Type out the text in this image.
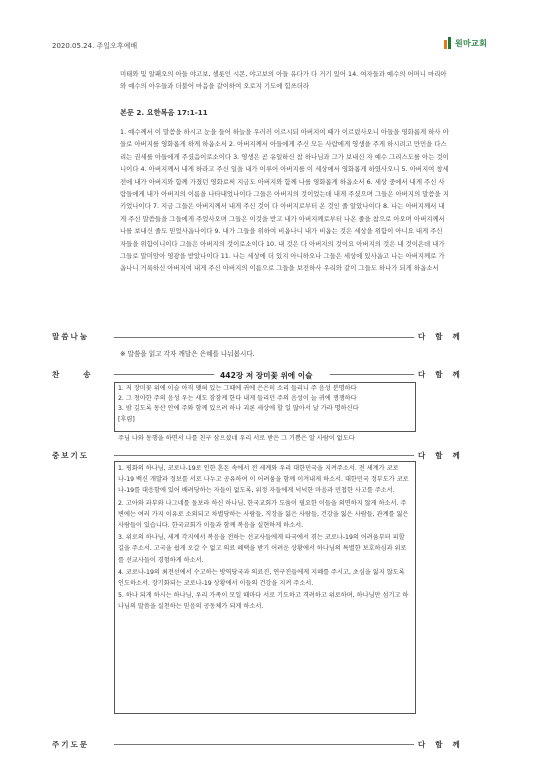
2020.05.24. 주일오후예배	원마교회
미태와 및 알패오의 아들 야고보, 셀롯인 시몬, 야고보의 아들 유다가 다 거기 있어 14. 여자들과 예수의 어머니 마리아와 예수의 아우들과 더불어 마음을 같이하여 오로지 기도에 힘쓰더라
본문 2. 요한복음 17:1-11
1. 예수께서 이 말씀을 하시고 눈을 들어 하늘을 우러러 이르시되 아버지여 때가 이르렀사오니 아들을 영화롭게 하사 아들로 아버지를 영화롭게 하게 하옵소서 2. 아버지께서 아들에게 주신 모든 사람에게 영생을 주게 하시려고 만민을 다스리는 권세를 아들에게 주셨음이로소이다 3. 영생은 곧 유일하신 참 하나님과 그가 보내신 자 예수 그리스도를 아는 것이니이다 4. 아버지께서 내게 하라고 주신 일을 내가 이루어 아버지를 이 세상에서 영화롭게 하였사오니 5. 아버지여 창세 전에 내가 아버지와 함께 가졌던 영화로써 지금도 아버지와 함께 나를 영화롭게 하옵소서 6. 세상 중에서 내게 주신 사람들에게 내가 아버지의 이름을 나타내었나이다 그들은 아버지의 것이었는데 내게 주셨으며 그들은 아버지의 말씀을 지키었나이다 7. 지금 그들은 아버지께서 내게 주신 것이 다 아버지로부터 온 것인 줄 알았나이다 8. 나는 아버지께서 내게 주신 말씀들을 그들에게 주었사오며 그들은 이것을 받고 내가 아버지께로부터 나온 줄을 참으로 아오며 아버지께서 나를 보내신 줄도 믿었사옵나이다 9. 내가 그들을 위하여 비옵나니 내가 비옵는 것은 세상을 위함이 아니요 내게 주신 자들을 위함이니이다 그들은 아버지의 것이로소이다 10. 내 것은 다 아버지의 것이요 아버지의 것은 내 것이온데 내가 그들로 말미암아 영광을 받았나이다 11. 나는 세상에 더 있지 아니하오나 그들은 세상에 있사옵고 나는 아버지께로 가옵나니 거룩하신 아버지여 내게 주신 아버지의 이름으로 그들을 보전하사 우리와 같이 그들도 하나가 되게 하옵소서
말씀나눔	다함께
※ 말씀을 읽고 각자 깨달은 은혜를 나눠봅시다.
찬송	442장 저 장미꽃 위에 이슬	다함께
1. 저 장미꽃 위에 이슬 아직 맺혀 있는 그때에 귀에 은은히 소리 들리니 주 음성 분명하다
2. 그 청아한 주의 음성 우는 새도 잠잠케 한다 내게 들리던 주의 음성이 늘 귀에 쟁쟁하다
3. 밤 깊도록 동산 안에 주와 함께 있으려 하나 괴론 세상에 할 일 많아서 날 가라 명하신다
[후렴]
주님 나와 동행을 하면서 나를 친구 삼으셨네 우리 서로 받은 그 기쁨은 알 사람이 없도다
중보기도	다함께
1. 평화의 하나님, 코로나-19로 인한 혼돈 속에서 전 세계와 우리 대한민국을 지켜주소서. 전 세계가 코로나-19 백신 개발과 정보를 서로 나누고 공유하여 이 어려움을 함께 이겨내게 하소서. 대한민국 정부도가 코로나-19를 대응함에 있어 배려당하는 자들이 없도록, 위정 자들에게 넉넉한 마음과 민첩한 사고를 주소서.
2. 고아와 과부와 나그네를 돌보라 하신 하나님, 한국교회가 도움이 필요한 이들을 외면하지 않게 하소서. 주변에는 여러 가지 이유로 소외되고 차별당하는 사람들, 직장을 잃은 사람들, 건강을 잃은 사람들, 관계를 잃은 사람들이 있습니다. 한국교회가 이들과 함께 복음을 실현하게 하소서.
3. 위로의 하나님, 세계 각지에서 복음을 전하는 선교사들에게 타국에서 겪는 코로나-19의 어려움부터 피할 길을 주소서. 고국을 쉽게 오갈 수 없고 의료 혜택을 받기 어려운 상황에서 하나님의 특별한 보호하심과 위로를 선교사들이 경험하게 하소서.
4. 코로나-19의 최전선에서 수고하는 방역당국과 의료진, 연구진들에게 지혜를 주시고, 초심을 잃지 않도록 인도하소서. 장기화되는 코로나-19 상황에서 이들의 건강을 지켜 주소서.
5. 하나 되게 하시는 하나님, 우리 가족이 모일 때마다 서로 기도하고 격려하고 위로하며, 하나님만 섬기고 하나님의 말씀을 실천하는 믿음의 공동체가 되게 하소서.
주기도문	다함께
